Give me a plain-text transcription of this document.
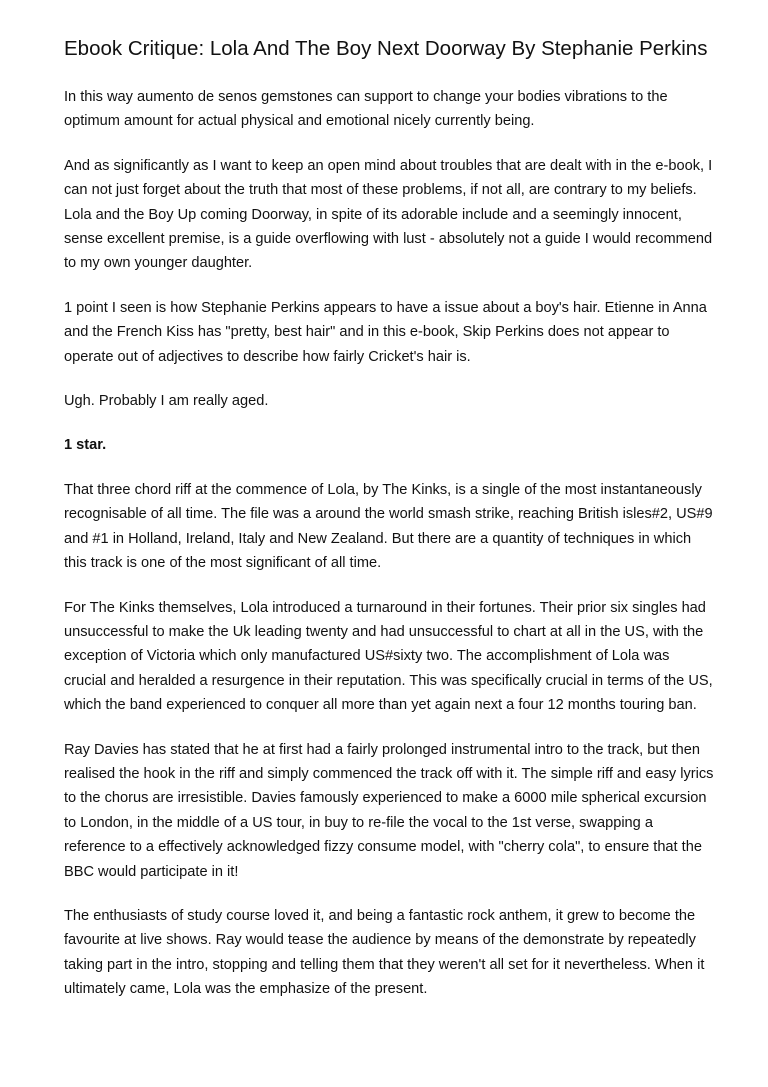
Ebook Critique: Lola And The Boy Next Doorway By Stephanie Perkins

In this way aumento de senos gemstones can support to change your bodies vibrations to the optimum amount for actual physical and emotional nicely currently being.

And as significantly as I want to keep an open mind about troubles that are dealt with in the e-book, I can not just forget about the truth that most of these problems, if not all, are contrary to my beliefs. Lola and the Boy Up coming Doorway, in spite of its adorable include and a seemingly innocent, sense excellent premise, is a guide overflowing with lust - absolutely not a guide I would recommend to my own younger daughter.

1 point I seen is how Stephanie Perkins appears to have a issue about a boy's hair. Etienne in Anna and the French Kiss has "pretty, best hair" and in this e-book, Skip Perkins does not appear to operate out of adjectives to describe how fairly Cricket's hair is.

Ugh. Probably I am really aged.

1 star.

That three chord riff at the commence of Lola, by The Kinks, is a single of the most instantaneously recognisable of all time. The file was a around the world smash strike, reaching British isles#2, US#9 and #1 in Holland, Ireland, Italy and New Zealand. But there are a quantity of techniques in which this track is one of the most significant of all time.

For The Kinks themselves, Lola introduced a turnaround in their fortunes. Their prior six singles had unsuccessful to make the Uk leading twenty and had unsuccessful to chart at all in the US, with the exception of Victoria which only manufactured US#sixty two. The accomplishment of Lola was crucial and heralded a resurgence in their reputation. This was specifically crucial in terms of the US, which the band experienced to conquer all more than yet again next a four 12 months touring ban.

Ray Davies has stated that he at first had a fairly prolonged instrumental intro to the track, but then realised the hook in the riff and simply commenced the track off with it. The simple riff and easy lyrics to the chorus are irresistible. Davies famously experienced to make a 6000 mile spherical excursion to London, in the middle of a US tour, in buy to re-file the vocal to the 1st verse, swapping a reference to a effectively acknowledged fizzy consume model, with "cherry cola", to ensure that the BBC would participate in it!

The enthusiasts of study course loved it, and being a fantastic rock anthem, it grew to become the favourite at live shows. Ray would tease the audience by means of the demonstrate by repeatedly taking part in the intro, stopping and telling them that they weren't all set for it nevertheless. When it ultimately came, Lola was the emphasize of the present.
